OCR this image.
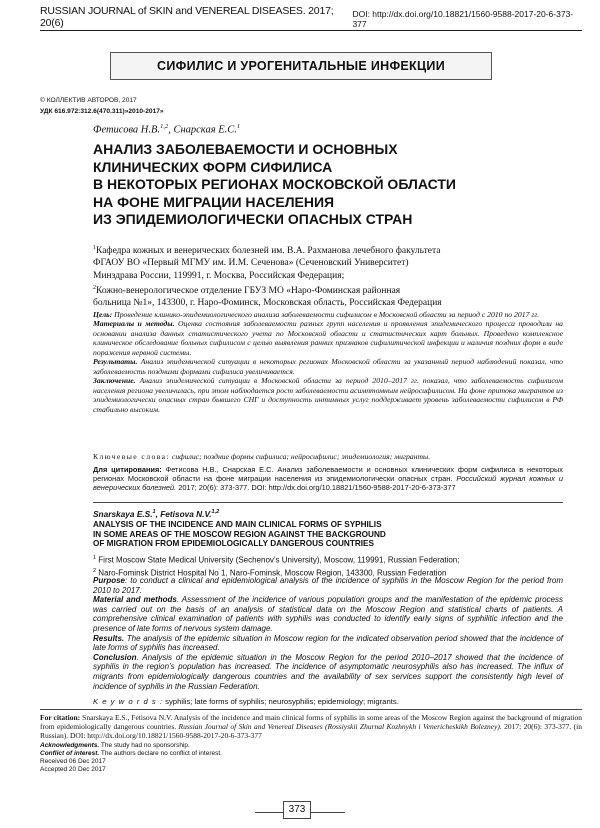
RUSSIAN JOURNAL of SKIN and VENEREAL DISEASES. 2017; 20(6)
DOI: http://dx.doi.org/10.18821/1560-9588-2017-20-6-373-377
СИФИЛИС И УРОГЕНИТАЛЬНЫЕ ИНФЕКЦИИ
© КОЛЛЕКТИВ АВТОРОВ, 2017
УДК 616.972:312.6(470.311)»2010-2017»
Фетисова Н.В.$^{1,2}$, Снарская Е.С.$^1$
АНАЛИЗ ЗАБОЛЕВАЕМОСТИ И ОСНОВНЫХ
КЛИНИЧЕСКИХ ФОРМ СИФИЛИСА
В НЕКОТОРЫХ РЕГИОНАХ МОСКОВСКОЙ ОБЛАСТИ
НА ФОНЕ МИГРАЦИИ НАСЕЛЕНИЯ
ИЗ ЭПИДЕМИОЛОГИЧЕСКИ ОПАСНЫХ СТРАН
$^1$Кафедра кожных и венерических болезней им. В.А. Рахманова лечебного факультета
ФГАОУ ВО «Первый МГМУ им. И.М. Сеченова» (Сеченовский Университет)
Минздрава России, 119991, г. Москва, Российская Федерация;
$^2$Кожно-венерологическое отделение ГБУЗ МО «Наро-Фоминская районная
больница №1», 143300, г. Наро-Фоминск, Московская область, Российская Федерация
Цель: Проведение клинико-эпидемиологического анализа заболеваемости сифилисом в Московской области за период с 2010 по 2017 гг.
Материалы и методы. Оценка состояния заболеваемости разных групп населения и проявления эпидемического процесса проводили на основании анализа данных статистического учета по Московской области и статистических карт больных. Проведено комплексное клиническое обследование больных сифилисом с целью выявления ранних признаков сифилитической инфекции и наличия поздних форм в виде поражения нервной системы.
Результаты. Анализ эпидемической ситуации в некоторых регионах Московской области за указанный период наблюдений показал, что заболеваемость поздними формами сифилиса увеличивается.
Заключение. Анализ эпидемической ситуации в Московской области за период 2010–2017 гг. показал, что заболеваемость сифилисом населения региона увеличилась, при этом наблюдается рост заболеваемости асимптомным нейросифилисом. На фоне притока мигрантов из эпидемиологически опасных стран бывшего СНГ и доступность интимных услуг поддерживает уровень заболеваемости сифилисом в РФ стабильно высоким.
Ключевые слова: сифилис; поздние формы сифилиса; нейросифилис; эпидемиология; мигранты.
Для цитирования: Фетисова Н.В., Снарская Е.С. Анализ заболеваемости и основных клинических форм сифилиса в некоторых регионах Московской области на фоне миграции населения из эпидемиологически опасных стран. Российский журнал кожных и венерических болезней. 2017; 20(6): 373-377. DOI: http://dx.doi.org/10.18821/1560-9588-2017-20-6-373-377
Snarskaya E.S.$^1$, Fetisova N.V.$^{1,2}$
ANALYSIS OF THE INCIDENCE AND MAIN CLINICAL FORMS OF SYPHILIS
IN SOME AREAS OF THE MOSCOW REGION AGAINST THE BACKGROUND
OF MIGRATION FROM EPIDEMIOLOGICALLY DANGEROUS COUNTRIES
$^1$ First Moscow State Medical University (Sechenov’s University), Moscow, 119991, Russian Federation;
$^2$ Naro-Fominsk District Hospital No 1, Naro-Fominsk, Moscow Region, 143300, Russian Federation
Purpose: to conduct a clinical and epidemiological analysis of the incidence of syphilis in the Moscow Region for the period from 2010 to 2017.
Material and methods. Assessment of the incidence of various population groups and the manifestation of the epidemic process was carried out on the basis of an analysis of statistical data on the Moscow Region and statistical charts of patients. A comprehensive clinical examination of patients with syphilis was conducted to identify early signs of syphilitic infection and the presence of late forms of nervous system damage.
Results. The analysis of the epidemic situation in Moscow region for the indicated observation period showed that the incidence of late forms of syphilis has increased.
Conclusion. Analysis of the epidemic situation in the Moscow Region for the period 2010–2017 showed that the incidence of syphilis in the region’s population has increased. The incidence of asymptomatic neurosyphilis also has increased. The influx of migrants from epidemiologically dangerous countries and the availability of sex services support the consistently high level of incidence of syphilis in the Russian Federation.
K e y w o r d s : syphilis; late forms of syphilis; neurosyphilis; epidemiology; migrants.
For citation: Snarskaya E.S., Fetisova N.V. Analysis of the incidence and main clinical forms of syphilis in some areas of the Moscow Region against the background of migration from epidemiologically dangerous countries. Russian Journal of Skin and Venereal Diseases (Rossiyskii Zhurnal Kozhnykh i Venericheskikh Bolezney). 2017; 20(6): 373-377. (in Russian). DOI: http://dx.doi.org/10.18821/1560-9588-2017-20-6-373-377
Acknowledgments. The study had no sponsorship.
Conflict of interest. The authors declare no conflict of interest.
Received 06 Dec 2017
Accepted 20 Dec 2017
373
